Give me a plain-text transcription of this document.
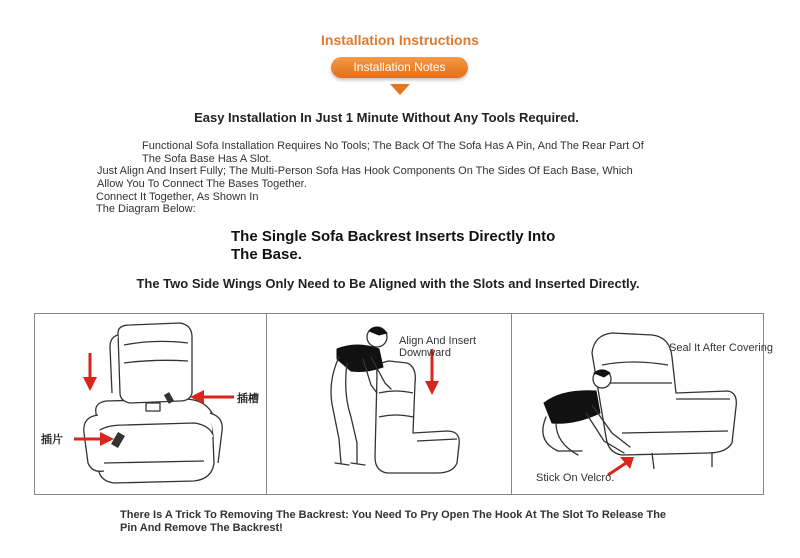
Installation Instructions
Installation Notes
Easy Installation In Just 1 Minute Without Any Tools Required.
Functional Sofa Installation Requires No Tools; The Back Of The Sofa Has A Pin, And The Rear Part Of
The Sofa Base Has A Slot.
Just Align And Insert Fully; The Multi-Person Sofa Has Hook Components On The Sides Of Each Base, Which
Allow You To Connect The Bases Together.
Connect It Together, As Shown In
The Diagram Below:
The Single Sofa Backrest Inserts Directly Into
The Base.
The Two Side Wings Only Need to Be Aligned with the Slots and Inserted Directly.
插槽
插片
Align And Insert
Downward	Seal It After Covering
Stick On Velcro.
There Is A Trick To Removing The Backrest: You Need To Pry Open The Hook At The Slot To Release The
Pin And Remove The Backrest!
